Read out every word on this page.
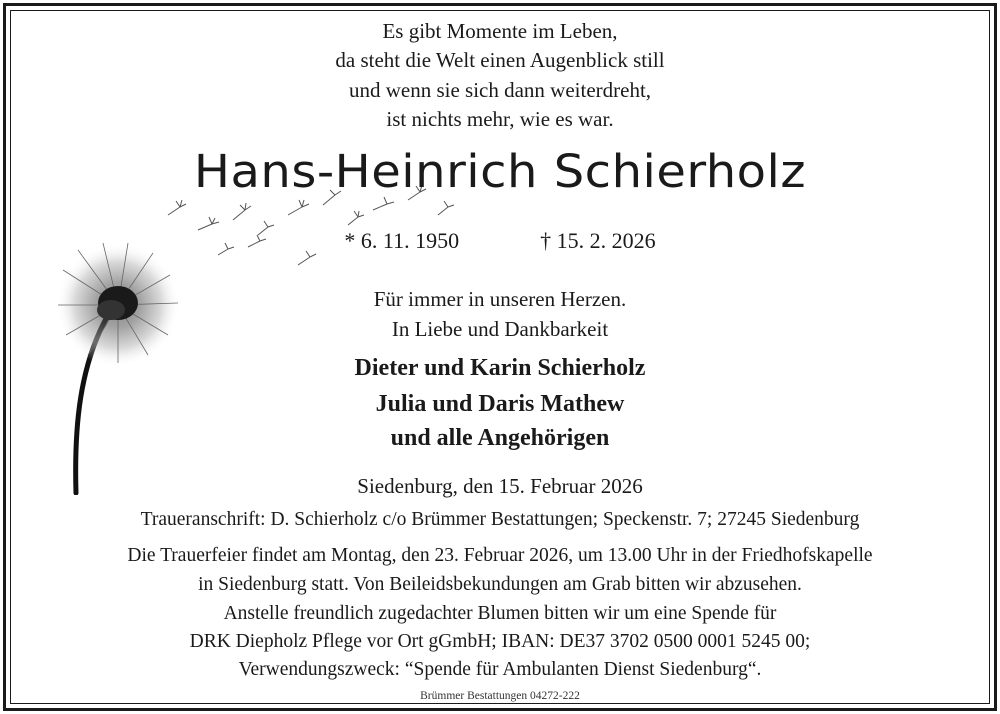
Es gibt Momente im Leben,
da steht die Welt einen Augenblick still
und wenn sie sich dann weiterdreht,
ist nichts mehr, wie es war.
Hans-Heinrich Schierholz
* 6. 11. 1950	† 15. 2. 2026
Für immer in unseren Herzen.
In Liebe und Dankbarkeit
Dieter und Karin Schierholz
Julia und Daris Mathew
und alle Angehörigen
Siedenburg, den 15. Februar 2026
Traueranschrift: D. Schierholz c/o Brümmer Bestattungen; Speckenstr. 7; 27245 Siedenburg
Die Trauerfeier findet am Montag, den 23. Februar 2026, um 13.00 Uhr in der Friedhofskapelle
in Siedenburg statt. Von Beileidsbekundungen am Grab bitten wir abzusehen.
Anstelle freundlich zugedachter Blumen bitten wir um eine Spende für
DRK Diepholz Pflege vor Ort gGmbH; IBAN: DE37 3702 0500 0001 5245 00;
Verwendungszweck: “Spende für Ambulanten Dienst Siedenburg“.
Brümmer Bestattungen 04272-222
